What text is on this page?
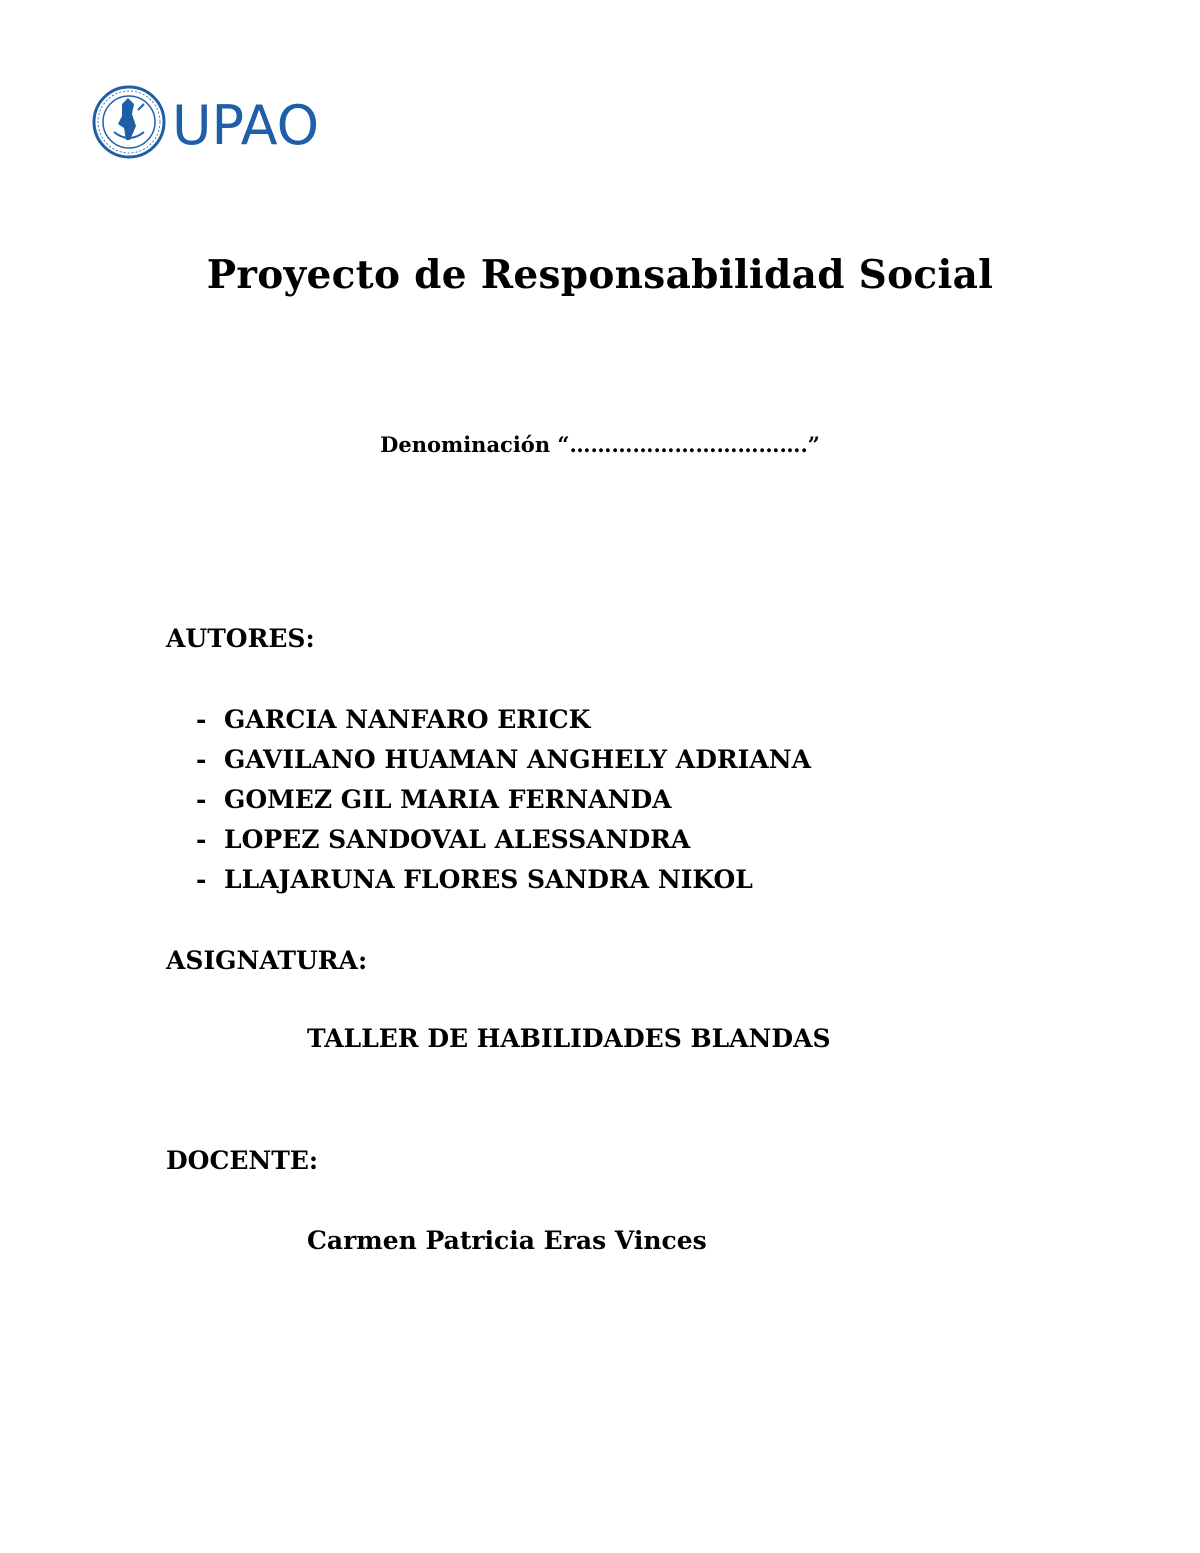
UPAO
Proyecto de Responsabilidad Social

Denominación “…………………………….”

AUTORES:

- GARCIA NANFARO ERICK
- GAVILANO HUAMAN ANGHELY ADRIANA
- GOMEZ GIL MARIA FERNANDA
- LOPEZ SANDOVAL ALESSANDRA
- LLAJARUNA FLORES SANDRA NIKOL

ASIGNATURA:

TALLER DE HABILIDADES BLANDAS

DOCENTE:

Carmen Patricia Eras Vinces
